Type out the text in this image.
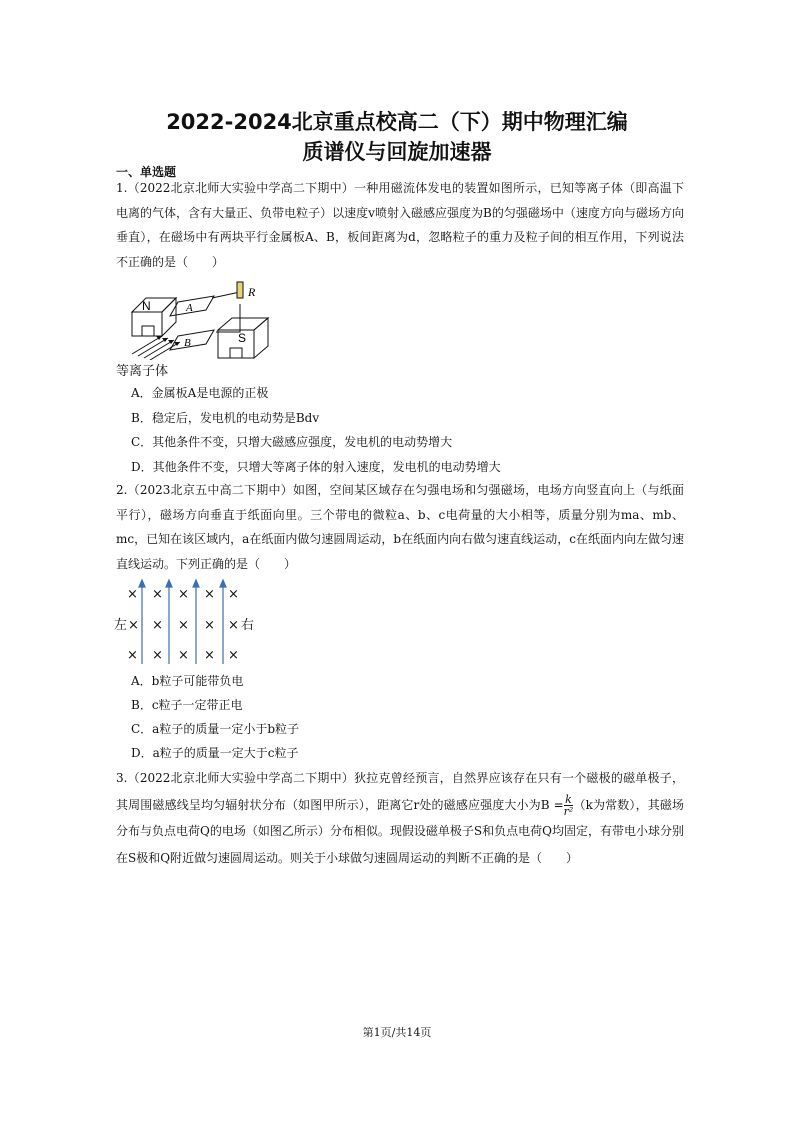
2022-2024北京重点校高二（下）期中物理汇编
质谱仪与回旋加速器
一、单选题
1.（2022北京北师大实验中学高二下期中）一种用磁流体发电的装置如图所示，已知等离子体（即高温下电离的气体，含有大量正、负带电粒子）以速度v喷射入磁感应强度为B的匀强磁场中（速度方向与磁场方向垂直），在磁场中有两块平行金属板A、B，板间距离为d，忽略粒子的重力及粒子间的相互作用，下列说法不正确的是（　　）
N	A
R
S
B
等离子体
A．金属板A是电源的正极
B．稳定后，发电机的电动势是Bdv
C．其他条件不变，只增大磁感应强度，发电机的电动势增大
D．其他条件不变，只增大等离子体的射入速度，发电机的电动势增大
2.（2023北京五中高二下期中）如图，空间某区域存在匀强电场和匀强磁场，电场方向竖直向上（与纸面平行），磁场方向垂直于纸面向里。三个带电的微粒a、b、c电荷量的大小相等，质量分别为ma、mb、mc，已知在该区域内，a在纸面内做匀速圆周运动，b在纸面内向右做匀速直线运动，c在纸面内向左做匀速直线运动。下列正确的是（　　）
× × × × ×
左 × × × × × 右
× × × × ×
A．b粒子可能带负电
B．c粒子一定带正电
C．a粒子的质量一定小于b粒子
D．a粒子的质量一定大于c粒子
3.（2022北京北师大实验中学高二下期中）狄拉克曾经预言，自然界应该存在只有一个磁极的磁单极子，其周围磁感线呈均匀辐射状分布（如图甲所示），距离它r处的磁感应强度大小为$B = \frac{k}{\text{r²}} (k$为常数），其磁场分布与负点电荷Q的电场（如图乙所示）分布相似。现假设磁单极子S和负点电荷Q均固定，有带电小球分别在S极和Q附近做匀速圆周运动。则关于小球做匀速圆周运动的判断不正确的是（　　）
第1页/共14页
